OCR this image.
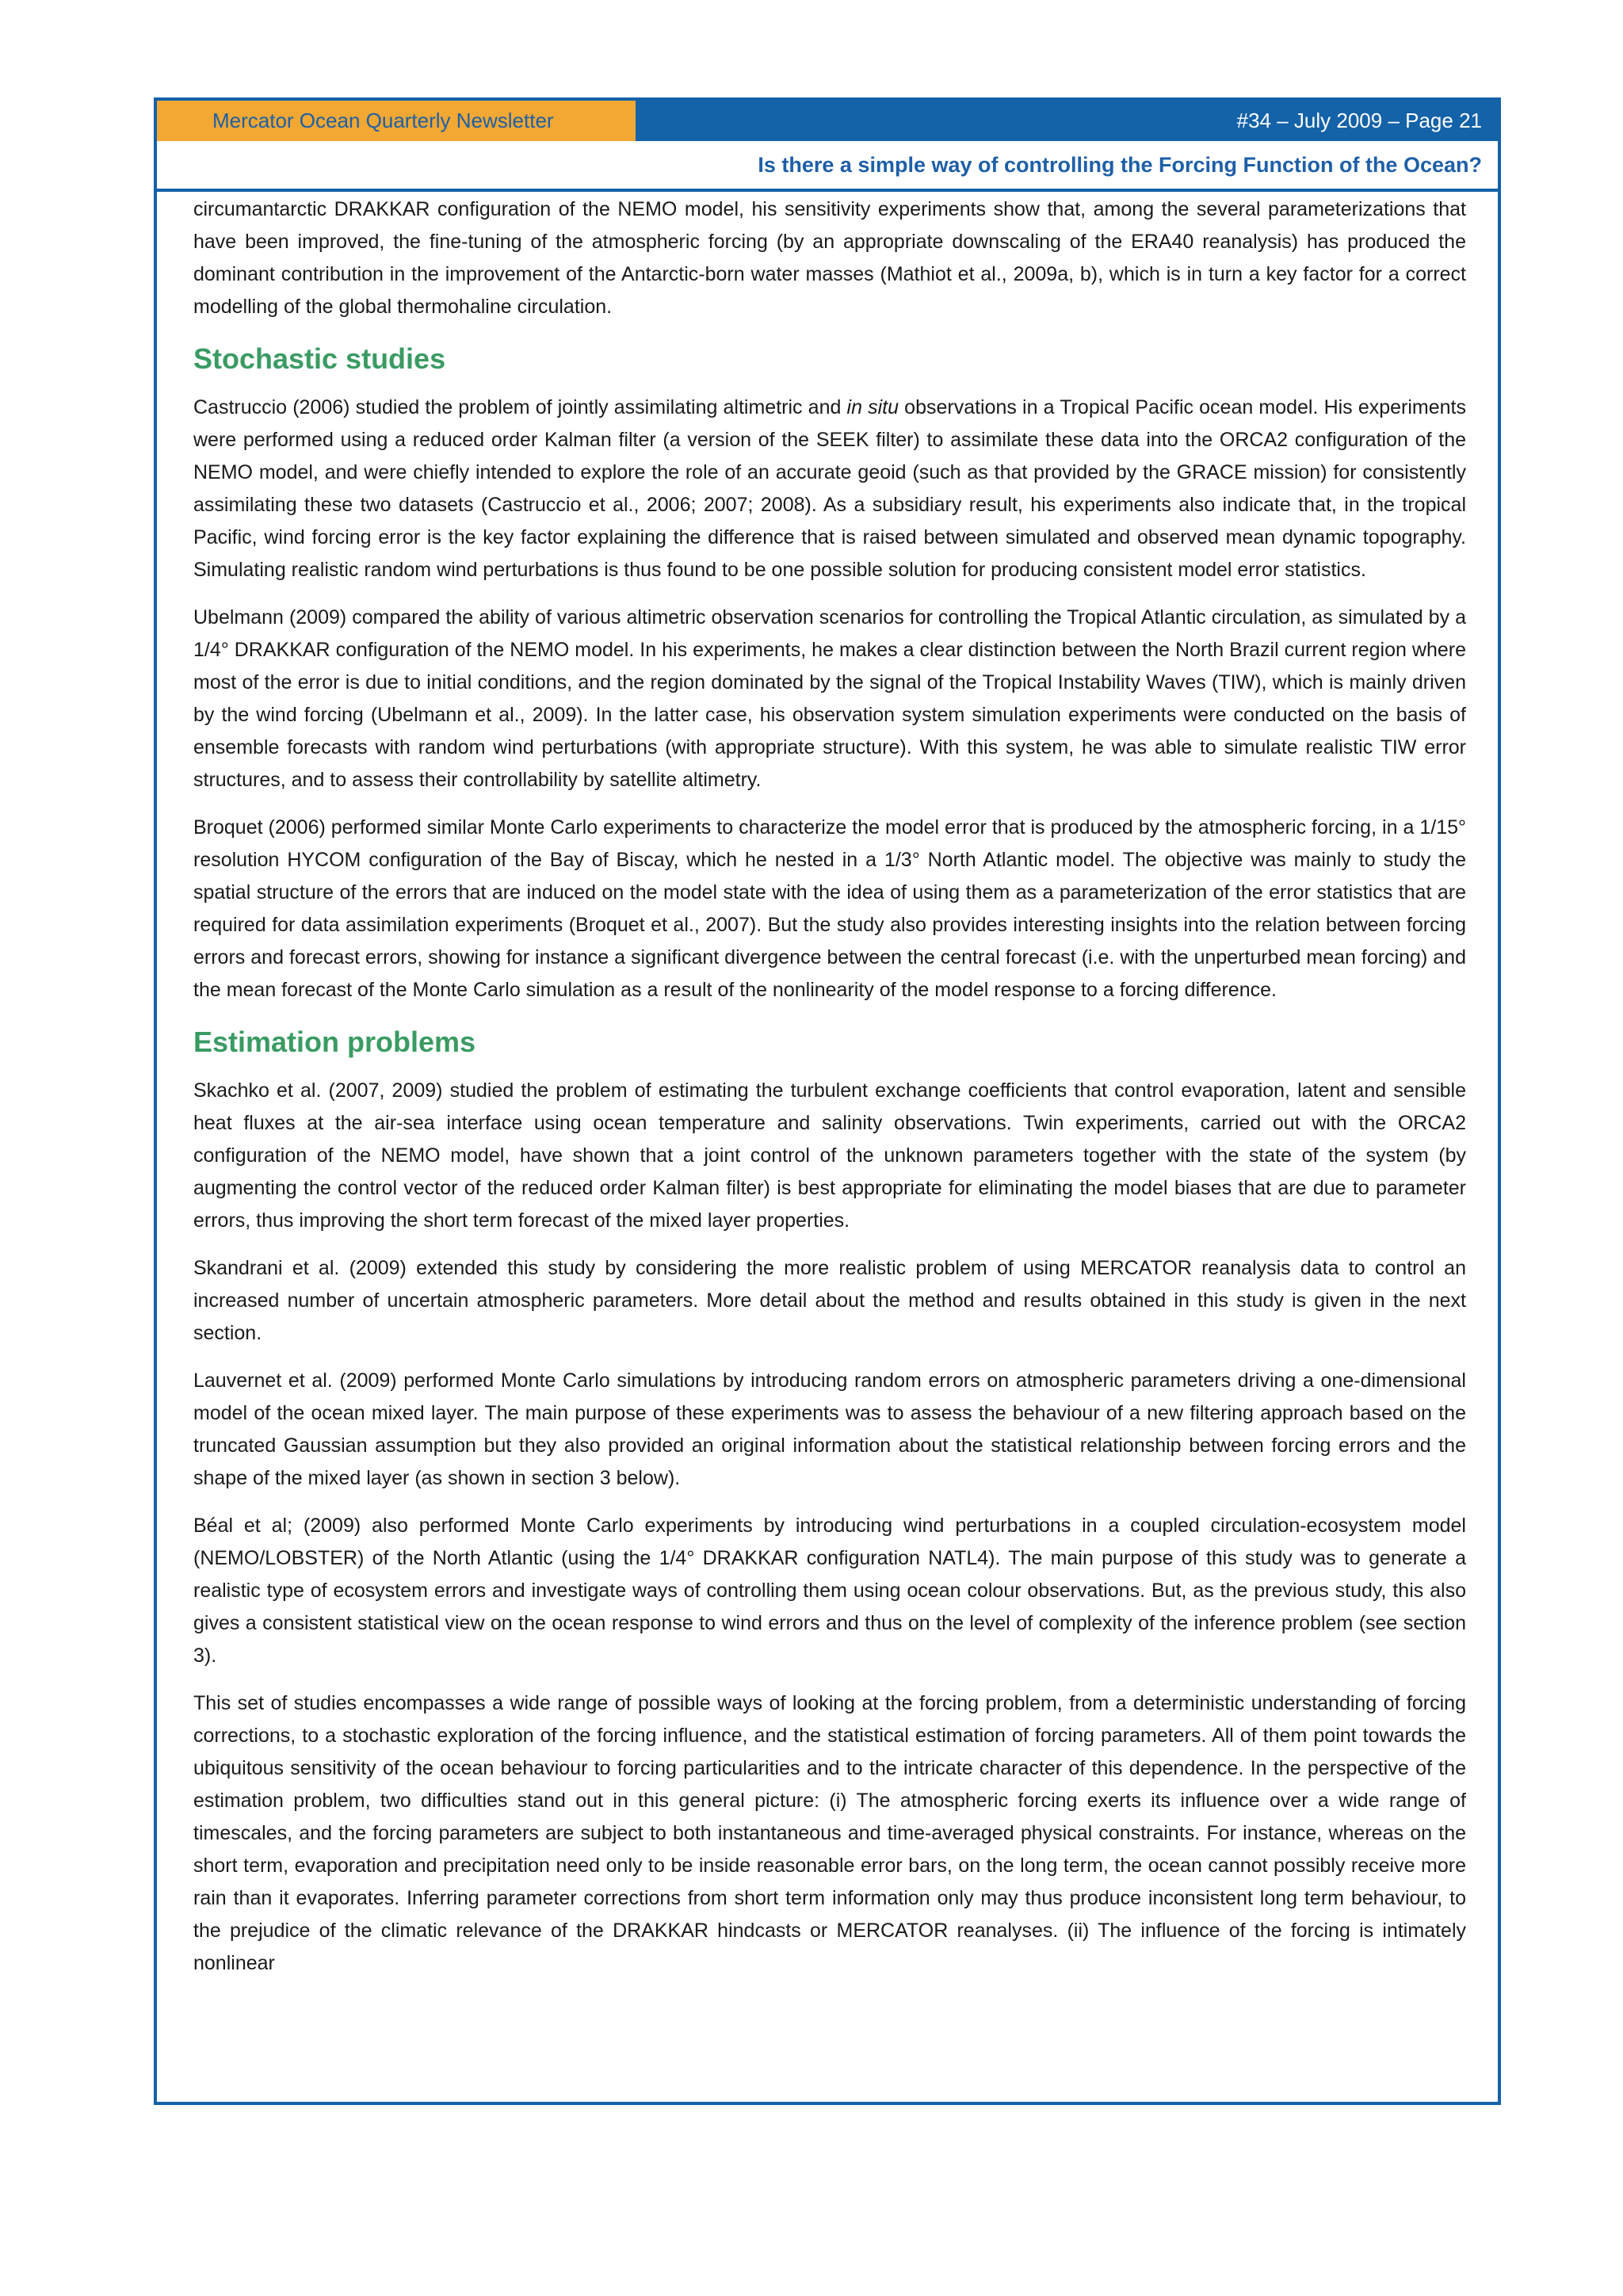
Mercator Ocean Quarterly Newsletter	#34 – July 2009 – Page 21
Is there a simple way of controlling the Forcing Function of the Ocean?

circumantarctic DRAKKAR configuration of the NEMO model, his sensitivity experiments show that, among the several parameterizations that have been improved, the fine-tuning of the atmospheric forcing (by an appropriate downscaling of the ERA40 reanalysis) has produced the dominant contribution in the improvement of the Antarctic-born water masses (Mathiot et al., 2009a, b), which is in turn a key factor for a correct modelling of the global thermohaline circulation.

Stochastic studies

Castruccio (2006) studied the problem of jointly assimilating altimetric and in situ observations in a Tropical Pacific ocean model. His experiments were performed using a reduced order Kalman filter (a version of the SEEK filter) to assimilate these data into the ORCA2 configuration of the NEMO model, and were chiefly intended to explore the role of an accurate geoid (such as that provided by the GRACE mission) for consistently assimilating these two datasets (Castruccio et al., 2006; 2007; 2008). As a subsidiary result, his experiments also indicate that, in the tropical Pacific, wind forcing error is the key factor explaining the difference that is raised between simulated and observed mean dynamic topography. Simulating realistic random wind perturbations is thus found to be one possible solution for producing consistent model error statistics.

Ubelmann (2009) compared the ability of various altimetric observation scenarios for controlling the Tropical Atlantic circulation, as simulated by a 1/4° DRAKKAR configuration of the NEMO model. In his experiments, he makes a clear distinction between the North Brazil current region where most of the error is due to initial conditions, and the region dominated by the signal of the Tropical Instability Waves (TIW), which is mainly driven by the wind forcing (Ubelmann et al., 2009). In the latter case, his observation system simulation experiments were conducted on the basis of ensemble forecasts with random wind perturbations (with appropriate structure). With this system, he was able to simulate realistic TIW error structures, and to assess their controllability by satellite altimetry.

Broquet (2006) performed similar Monte Carlo experiments to characterize the model error that is produced by the atmospheric forcing, in a 1/15° resolution HYCOM configuration of the Bay of Biscay, which he nested in a 1/3° North Atlantic model. The objective was mainly to study the spatial structure of the errors that are induced on the model state with the idea of using them as a parameterization of the error statistics that are required for data assimilation experiments (Broquet et al., 2007). But the study also provides interesting insights into the relation between forcing errors and forecast errors, showing for instance a significant divergence between the central forecast (i.e. with the unperturbed mean forcing) and the mean forecast of the Monte Carlo simulation as a result of the nonlinearity of the model response to a forcing difference.

Estimation problems

Skachko et al. (2007, 2009) studied the problem of estimating the turbulent exchange coefficients that control evaporation, latent and sensible heat fluxes at the air-sea interface using ocean temperature and salinity observations. Twin experiments, carried out with the ORCA2 configuration of the NEMO model, have shown that a joint control of the unknown parameters together with the state of the system (by augmenting the control vector of the reduced order Kalman filter) is best appropriate for eliminating the model biases that are due to parameter errors, thus improving the short term forecast of the mixed layer properties.

Skandrani et al. (2009) extended this study by considering the more realistic problem of using MERCATOR reanalysis data to control an increased number of uncertain atmospheric parameters. More detail about the method and results obtained in this study is given in the next section.

Lauvernet et al. (2009) performed Monte Carlo simulations by introducing random errors on atmospheric parameters driving a one-dimensional model of the ocean mixed layer. The main purpose of these experiments was to assess the behaviour of a new filtering approach based on the truncated Gaussian assumption but they also provided an original information about the statistical relationship between forcing errors and the shape of the mixed layer (as shown in section 3 below).

Béal et al; (2009) also performed Monte Carlo experiments by introducing wind perturbations in a coupled circulation-ecosystem model (NEMO/LOBSTER) of the North Atlantic (using the 1/4° DRAKKAR configuration NATL4). The main purpose of this study was to generate a realistic type of ecosystem errors and investigate ways of controlling them using ocean colour observations. But, as the previous study, this also gives a consistent statistical view on the ocean response to wind errors and thus on the level of complexity of the inference problem (see section 3).

This set of studies encompasses a wide range of possible ways of looking at the forcing problem, from a deterministic understanding of forcing corrections, to a stochastic exploration of the forcing influence, and the statistical estimation of forcing parameters. All of them point towards the ubiquitous sensitivity of the ocean behaviour to forcing particularities and to the intricate character of this dependence. In the perspective of the estimation problem, two difficulties stand out in this general picture: (i) The atmospheric forcing exerts its influence over a wide range of timescales, and the forcing parameters are subject to both instantaneous and time-averaged physical constraints. For instance, whereas on the short term, evaporation and precipitation need only to be inside reasonable error bars, on the long term, the ocean cannot possibly receive more rain than it evaporates. Inferring parameter corrections from short term information only may thus produce inconsistent long term behaviour, to the prejudice of the climatic relevance of the DRAKKAR hindcasts or MERCATOR reanalyses. (ii) The influence of the forcing is intimately nonlinear
